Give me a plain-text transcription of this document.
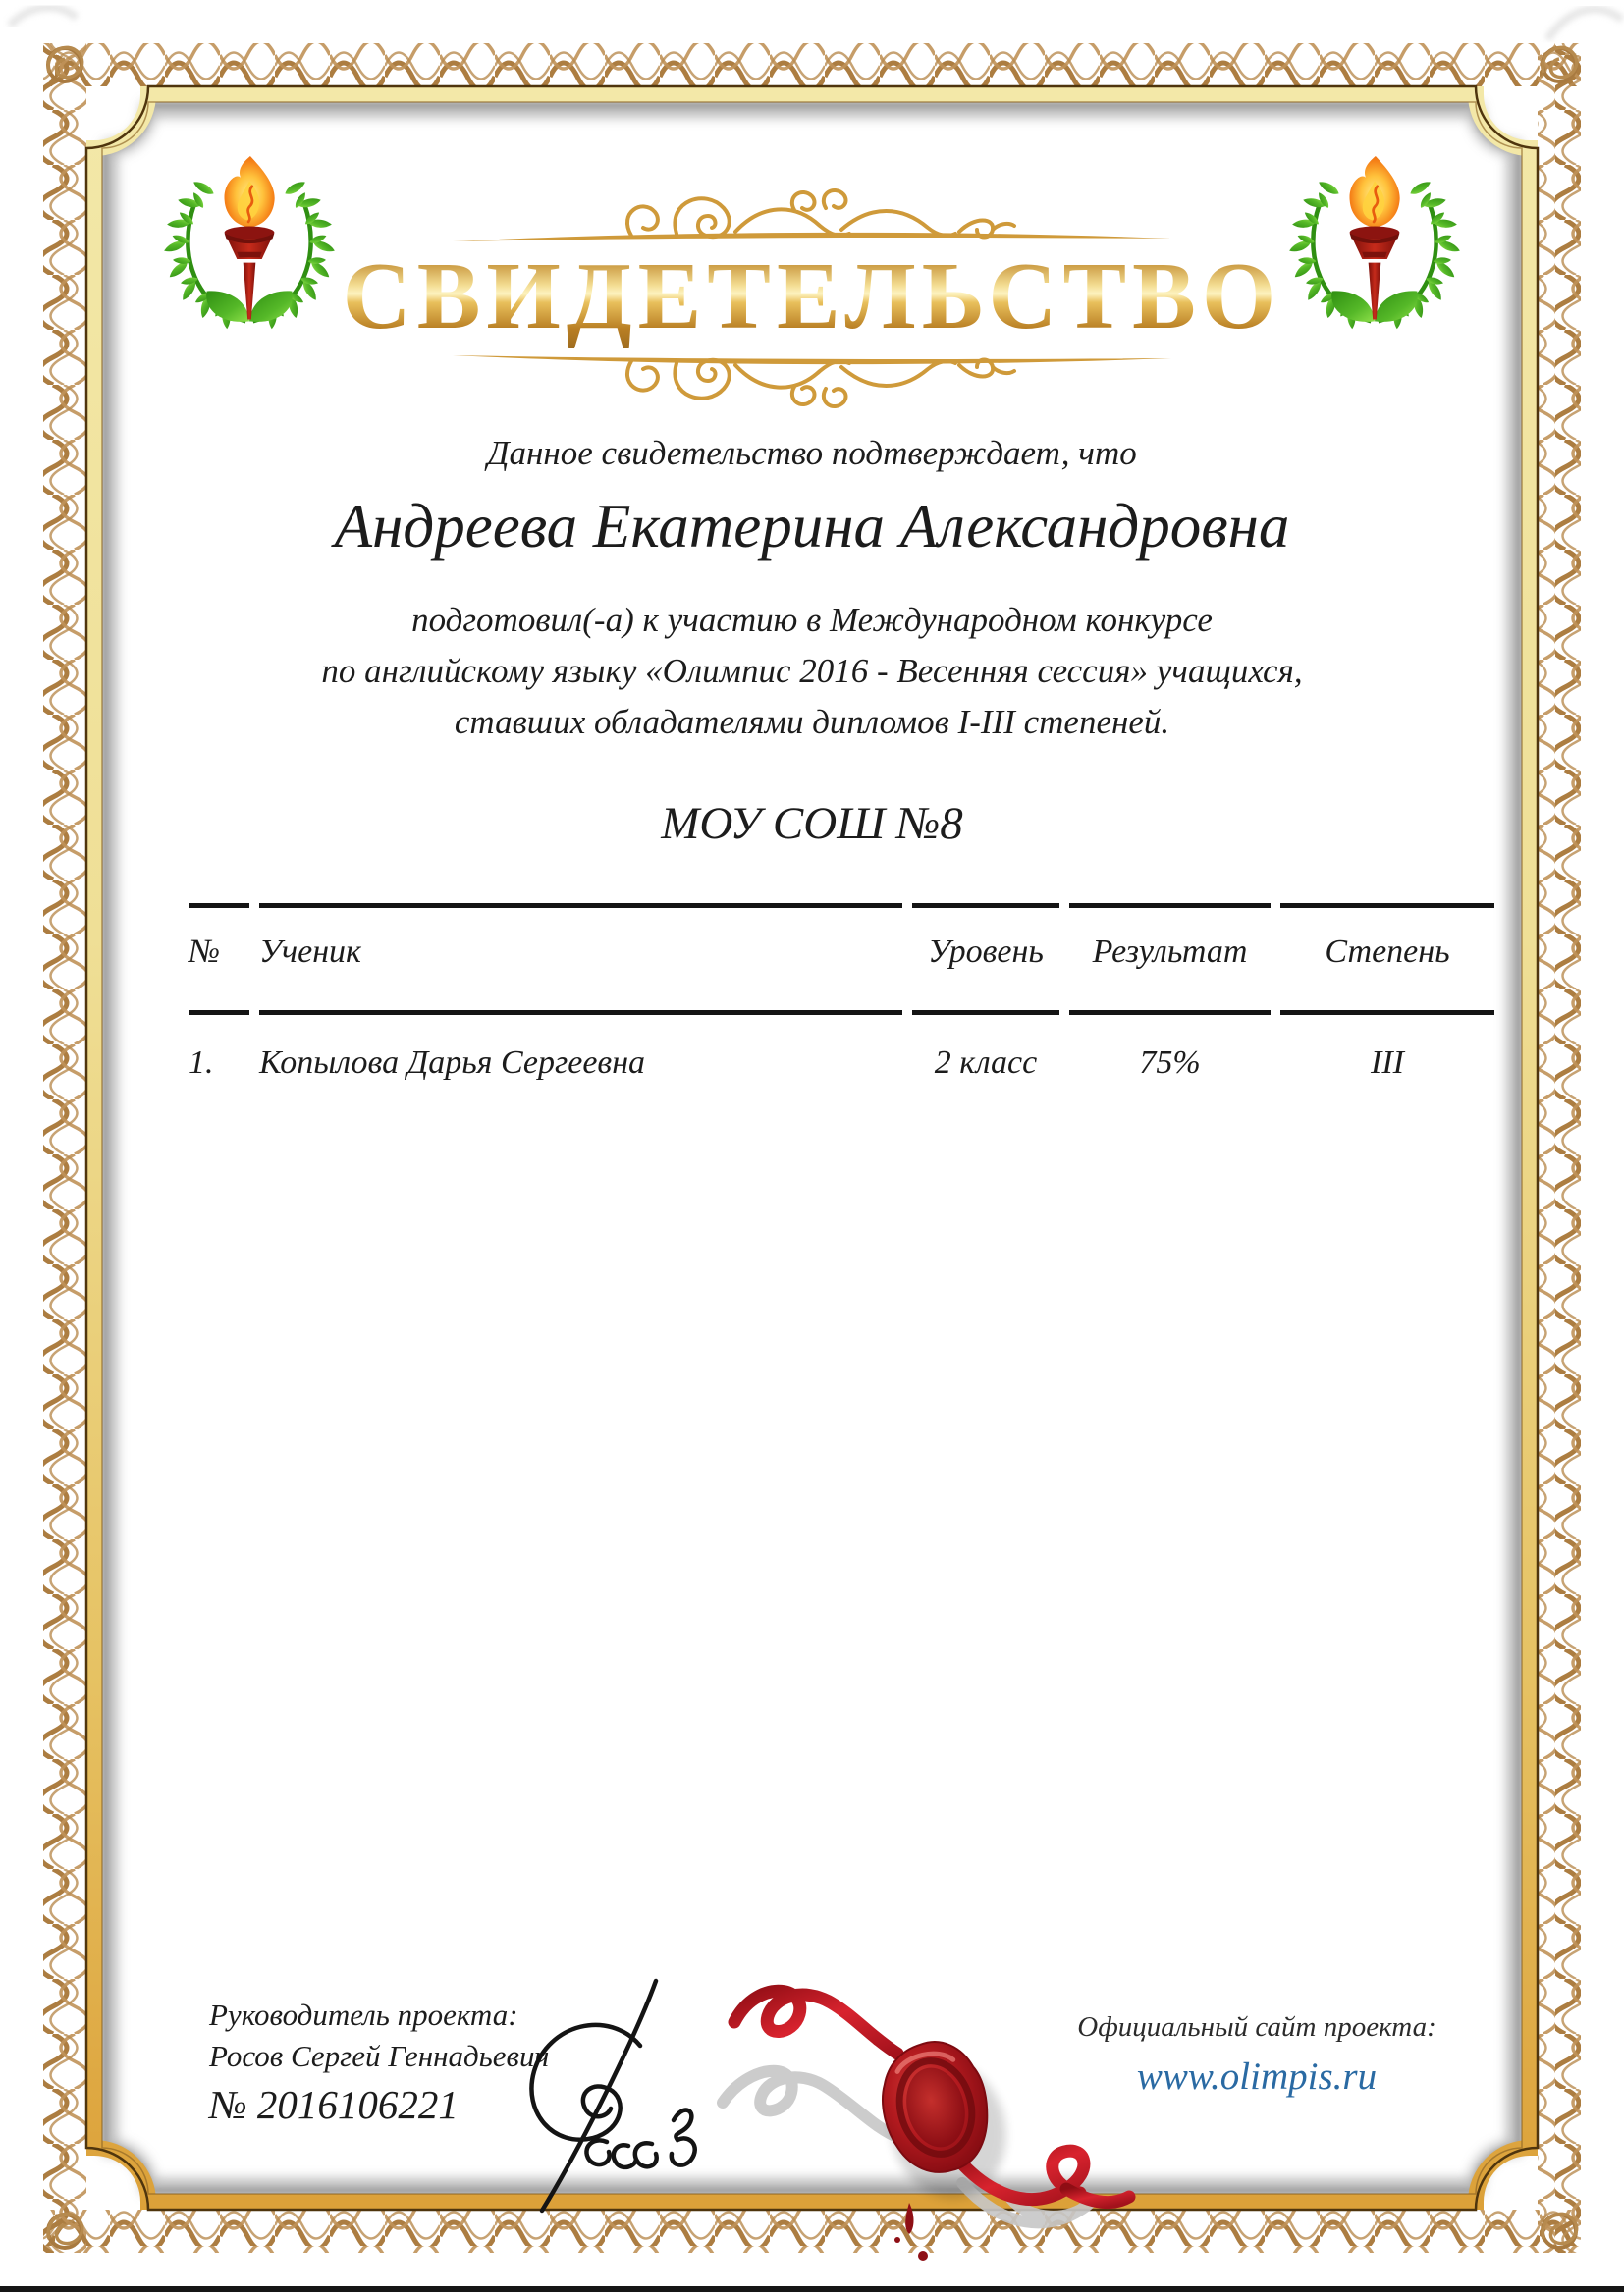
СВИДЕТЕЛЬСТВО
Данное свидетельство подтверждает, что
Андреева Екатерина Александровна
подготовил(-а) к участию в Международном конкурсе
по английскому языку «Олимпис 2016 - Весенняя сессия» учащихся,
ставших обладателями дипломов I-III степеней.
МОУ СОШ №8
№	Ученик	Уровень	Результат	Степень
1.	Копылова Дарья Сергеевна	2 класс	75%	III
Руководитель проекта:
Росов Сергей Геннадьевич
№ 2016106221
Официальный сайт проекта:
www.olimpis.ru
